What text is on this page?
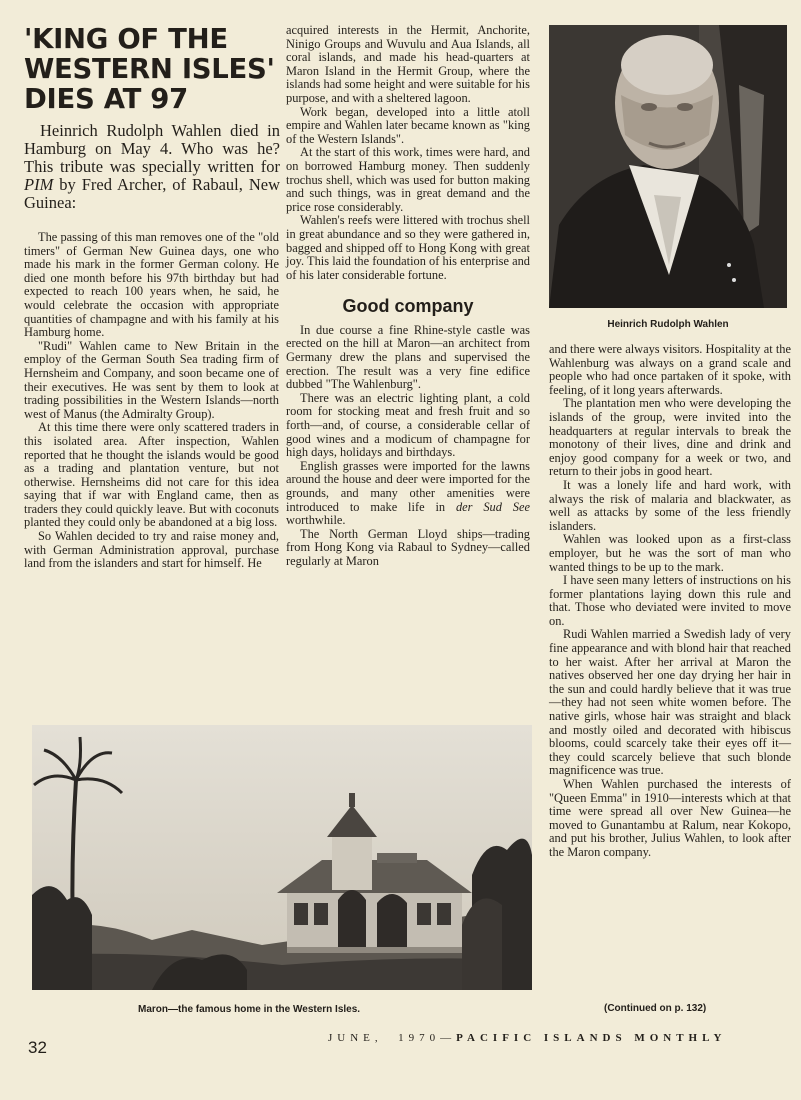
'KING OF THE WESTERN ISLES' DIES AT 97

Heinrich Rudolph Wahlen died in Hamburg on May 4. Who was he? This tribute was specially written for PIM by Fred Archer, of Rabaul, New Guinea:

The passing of this man removes one of the "old timers" of German New Guinea days, one who made his mark in the former German colony. He died one month before his 97th birthday but had expected to reach 100 years when, he said, he would celebrate the occasion with appropriate quantities of champagne and with his family at his Hamburg home.

"Rudi" Wahlen came to New Britain in the employ of the German South Sea trading firm of Hernsheim and Company, and soon became one of their executives. He was sent by them to look at trading possibilities in the Western Islands—north west of Manus (the Admiralty Group).

At this time there were only scattered traders in this isolated area. After inspection, Wahlen reported that he thought the islands would be good as a trading and plantation venture, but not otherwise. Hernsheims did not care for this idea saying that if war with England came, then as traders they could quickly leave. But with coconuts planted they could only be abandoned at a big loss.

So Wahlen decided to try and raise money and, with German Administration approval, purchase land from the islanders and start for himself. He

acquired interests in the Hermit, Anchorite, Ninigo Groups and Wuvulu and Aua Islands, all coral islands, and made his head-quarters at Maron Island in the Hermit Group, where the islands had some height and were suitable for his purpose, and with a sheltered lagoon.

Work began, developed into a little atoll empire and Wahlen later became known as "king of the Western Islands".

At the start of this work, times were hard, and on borrowed Hamburg money. Then suddenly trochus shell, which was used for button making and such things, was in great demand and the price rose considerably.

Wahlen's reefs were littered with trochus shell in great abundance and so they were gathered in, bagged and shipped off to Hong Kong with great joy. This laid the foundation of his enterprise and of his later considerable fortune.

Good company

In due course a fine Rhine-style castle was erected on the hill at Maron—an architect from Germany drew the plans and supervised the erection. The result was a very fine edifice dubbed "The Wahlenburg".

There was an electric lighting plant, a cold room for stocking meat and fresh fruit and so forth—and, of course, a considerable cellar of good wines and a modicum of champagne for high days, holidays and birthdays.

English grasses were imported for the lawns around the house and deer were imported for the grounds, and many other amenities were introduced to make life in der Sud See worthwhile.

The North German Lloyd ships—trading from Hong Kong via Rabaul to Sydney—called regularly at Maron

Heinrich Rudolph Wahlen

and there were always visitors. Hospitality at the Wahlenburg was always on a grand scale and people who had once partaken of it spoke, with feeling, of it long years afterwards.

The plantation men who were developing the islands of the group, were invited into the headquarters at regular intervals to break the monotony of their lives, dine and drink and enjoy good company for a week or two, and return to their jobs in good heart.

It was a lonely life and hard work, with always the risk of malaria and blackwater, as well as attacks by some of the less friendly islanders.

Wahlen was looked upon as a first-class employer, but he was the sort of man who wanted things to be up to the mark.

I have seen many letters of instructions on his former plantations laying down this rule and that. Those who deviated were invited to move on.

Rudi Wahlen married a Swedish lady of very fine appearance and with blond hair that reached to her waist. After her arrival at Maron the natives observed her one day drying her hair in the sun and could hardly believe that it was true—they had not seen white women before. The native girls, whose hair was straight and black and mostly oiled and decorated with hibiscus blooms, could scarcely take their eyes off it—they could scarcely believe that such blonde magnificence was true.

When Wahlen purchased the interests of "Queen Emma" in 1910—interests which at that time were spread all over New Guinea—he moved to Gunantambu at Ralum, near Kokopo, and put his brother, Julius Wahlen, to look after the Maron company.

Maron—the famous home in the Western Isles.	(Continued on p. 132)
32	JUNE, 1970—PACIFIC ISLANDS MONTHLY
